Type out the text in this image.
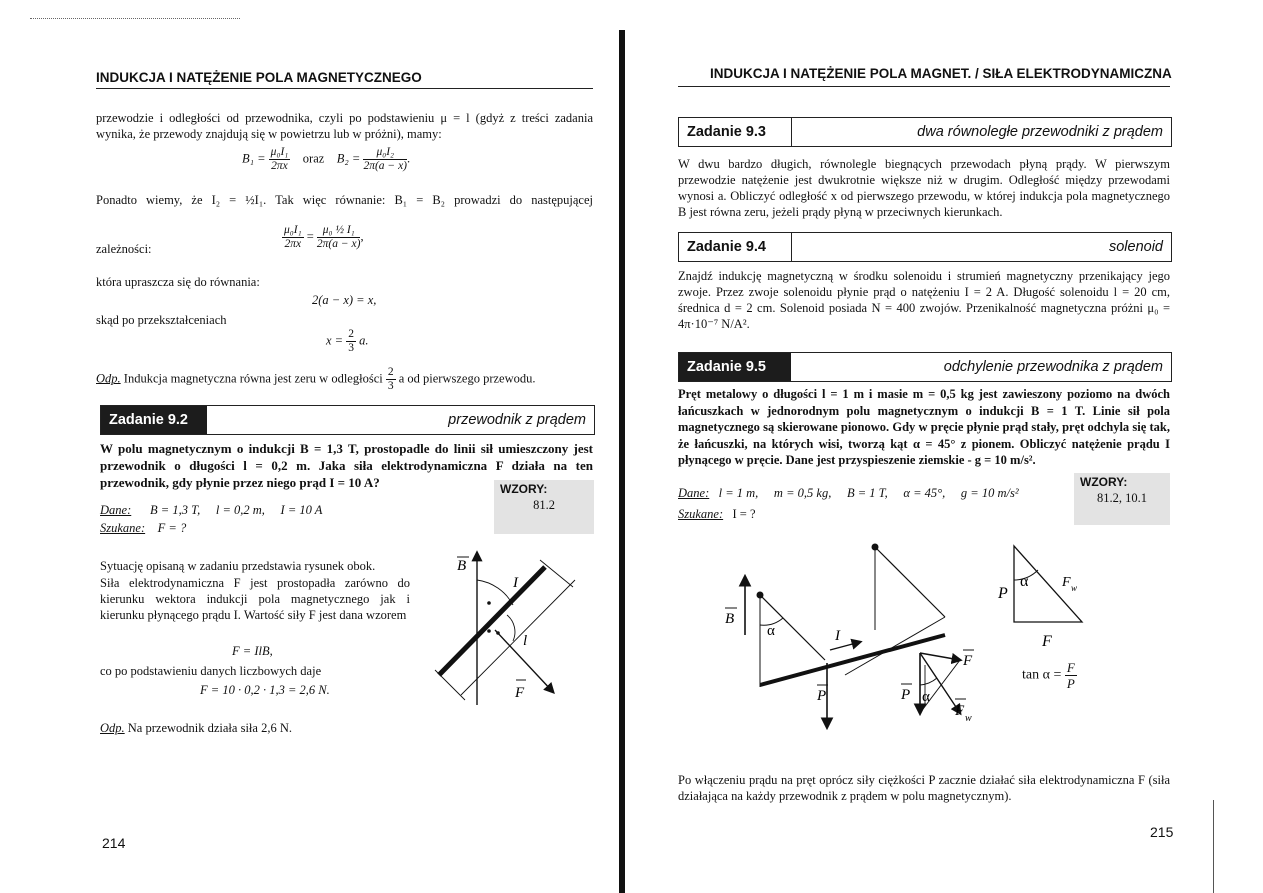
INDUKCJA I NATĘŻENIE POLA MAGNETYCZNEGO
przewodzie i odległości od przewodnika, czyli po podstawieniu μ = l (gdyż z treści zadania wynika, że przewody znajdują się w powietrzu lub w próżni), mamy:
$B_1 = \frac{\text{μ₀I₁}}{2\pi x}$ oraz $B_2 = \frac{\text{μ₀I₂}}{2\pi(a - x)}$ .
Ponadto wiemy, że I₂ = ½I₁. Tak więc równanie: B₁ = B₂ prowadzi do następującej
zależności:	$\frac{\text{μ₀I₁}}{2\pi x} = \frac{\text{μ₀ ½ I₁}}{2\pi(a - x)}$ ,
która upraszcza się do równania:
2(a − x) = x,
skąd po przekształceniach
$x = \frac{2}{3} a$.
Odp. Indukcja magnetyczna równa jest zeru w odległości $\frac{2}{3}$ a od pierwszego przewodu.
Zadanie 9.2	przewodnik z prądem
W polu magnetycznym o indukcji B = 1,3 T, prostopadle do linii sił umieszczony jest przewodnik o długości l = 0,2 m. Jaka siła elektrodynamiczna F działa na ten przewodnik, gdy płynie przez niego prąd I = 10 A?	WZORY:
81.2
Dane: B = 1,3 T,     l = 0,2 m,     I = 10 A
Szukane: F = ?
Sytuację opisaną w zadaniu przedstawia rysunek obok.
Siła elektrodynamiczna F jest prostopadła zarówno do kierunku wektora indukcji pola magnetycznego jak i kierunku płynącego prądu I. Wartość siły F jest dana wzorem
F = IlB,
co po podstawieniu danych liczbowych daje
F = 10 · 0,2 · 1,3 = 2,6 N.
Odp. Na przewodnik działa siła 2,6 N.
B
I
l
F
214
INDUKCJA I NATĘŻENIE POLA MAGNET. / SIŁA ELEKTRODYNAMICZNA
Zadanie 9.3	dwa równoległe przewodniki z prądem
W dwu bardzo długich, równolegle biegnących przewodach płyną prądy. W pierwszym przewodzie natężenie jest dwukrotnie większe niż w drugim. Odległość między przewodami wynosi a. Obliczyć odległość x od pierwszego przewodu, w której indukcja pola magnetycznego B jest równa zeru, jeżeli prądy płyną w przeciwnych kierunkach.
Zadanie 9.4	solenoid
Znajdź indukcję magnetyczną w środku solenoidu i strumień magnetyczny przenikający jego zwoje. Przez zwoje solenoidu płynie prąd o natężeniu I = 2 A. Długość solenoidu l = 20 cm, średnica d = 2 cm. Solenoid posiada N = 400 zwojów. Przenikalność magnetyczna próżni μ₀ = 4π·10⁻⁷ N/A².
Zadanie 9.5	odchylenie przewodnika z prądem
Pręt metalowy o długości l = 1 m i masie m = 0,5 kg jest zawieszony poziomo na dwóch łańcuszkach w jednorodnym polu magnetycznym o indukcji B = 1 T. Linie sił pola magnetycznego są skierowane pionowo. Gdy w pręcie płynie prąd stały, pręt odchyla się tak, że łańcuszki, na których wisi, tworzą kąt α = 45° z pionem. Obliczyć natężenie prądu I płynącego w pręcie. Dane jest przyspieszenie ziemskie - g = 10 m/s².
Dane: l = 1 m,     m = 0,5 kg,     B = 1 T,     α = 45°,     g = 10 m/s²
Szukane: I = ?
WZORY:
81.2, 10.1
B
α	I
P	α
P
F
F w
α
P
F w
F
$\tan \alpha = \frac{F}{P}$
Po włączeniu prądu na pręt oprócz siły ciężkości P zacznie działać siła elektrodynamiczna F (siła działająca na każdy przewodnik z prądem w polu magnetycznym).
215
